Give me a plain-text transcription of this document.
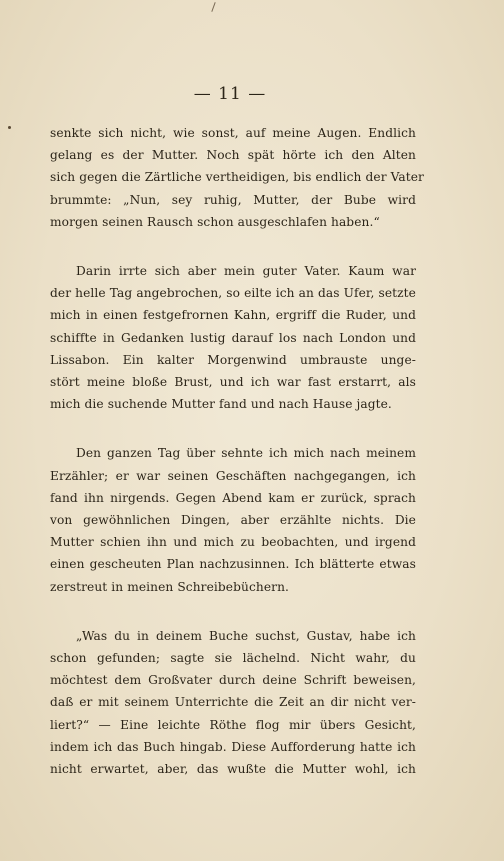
— 11 —

senkte sich nicht, wie sonst, auf meine Augen. Endlich
gelang es der Mutter. Noch spät hörte ich den Alten
sich gegen die Zärtliche vertheidigen, bis endlich der Vater
brummte: „Nun, sey ruhig, Mutter, der Bube wird
morgen seinen Rausch schon ausgeschlafen haben.“

Darin irrte sich aber mein guter Vater. Kaum war
der helle Tag angebrochen, so eilte ich an das Ufer, setzte
mich in einen festgefrornen Kahn, ergriff die Ruder, und
schiffte in Gedanken lustig darauf los nach London und
Lissabon. Ein kalter Morgenwind umbrauste unge-
stört meine bloße Brust, und ich war fast erstarrt, als
mich die suchende Mutter fand und nach Hause jagte.

Den ganzen Tag über sehnte ich mich nach meinem
Erzähler; er war seinen Geschäften nachgegangen, ich
fand ihn nirgends. Gegen Abend kam er zurück, sprach
von gewöhnlichen Dingen, aber erzählte nichts. Die
Mutter schien ihn und mich zu beobachten, und irgend
einen gescheuten Plan nachzusinnen. Ich blätterte etwas
zerstreut in meinen Schreibebüchern.

„Was du in deinem Buche suchst, Gustav, habe ich
schon gefunden; sagte sie lächelnd. Nicht wahr, du
möchtest dem Großvater durch deine Schrift beweisen,
daß er mit seinem Unterrichte die Zeit an dir nicht ver-
liert?“ — Eine leichte Röthe flog mir übers Gesicht,
indem ich das Buch hingab. Diese Aufforderung hatte ich
nicht erwartet, aber, das wußte die Mutter wohl, ich
